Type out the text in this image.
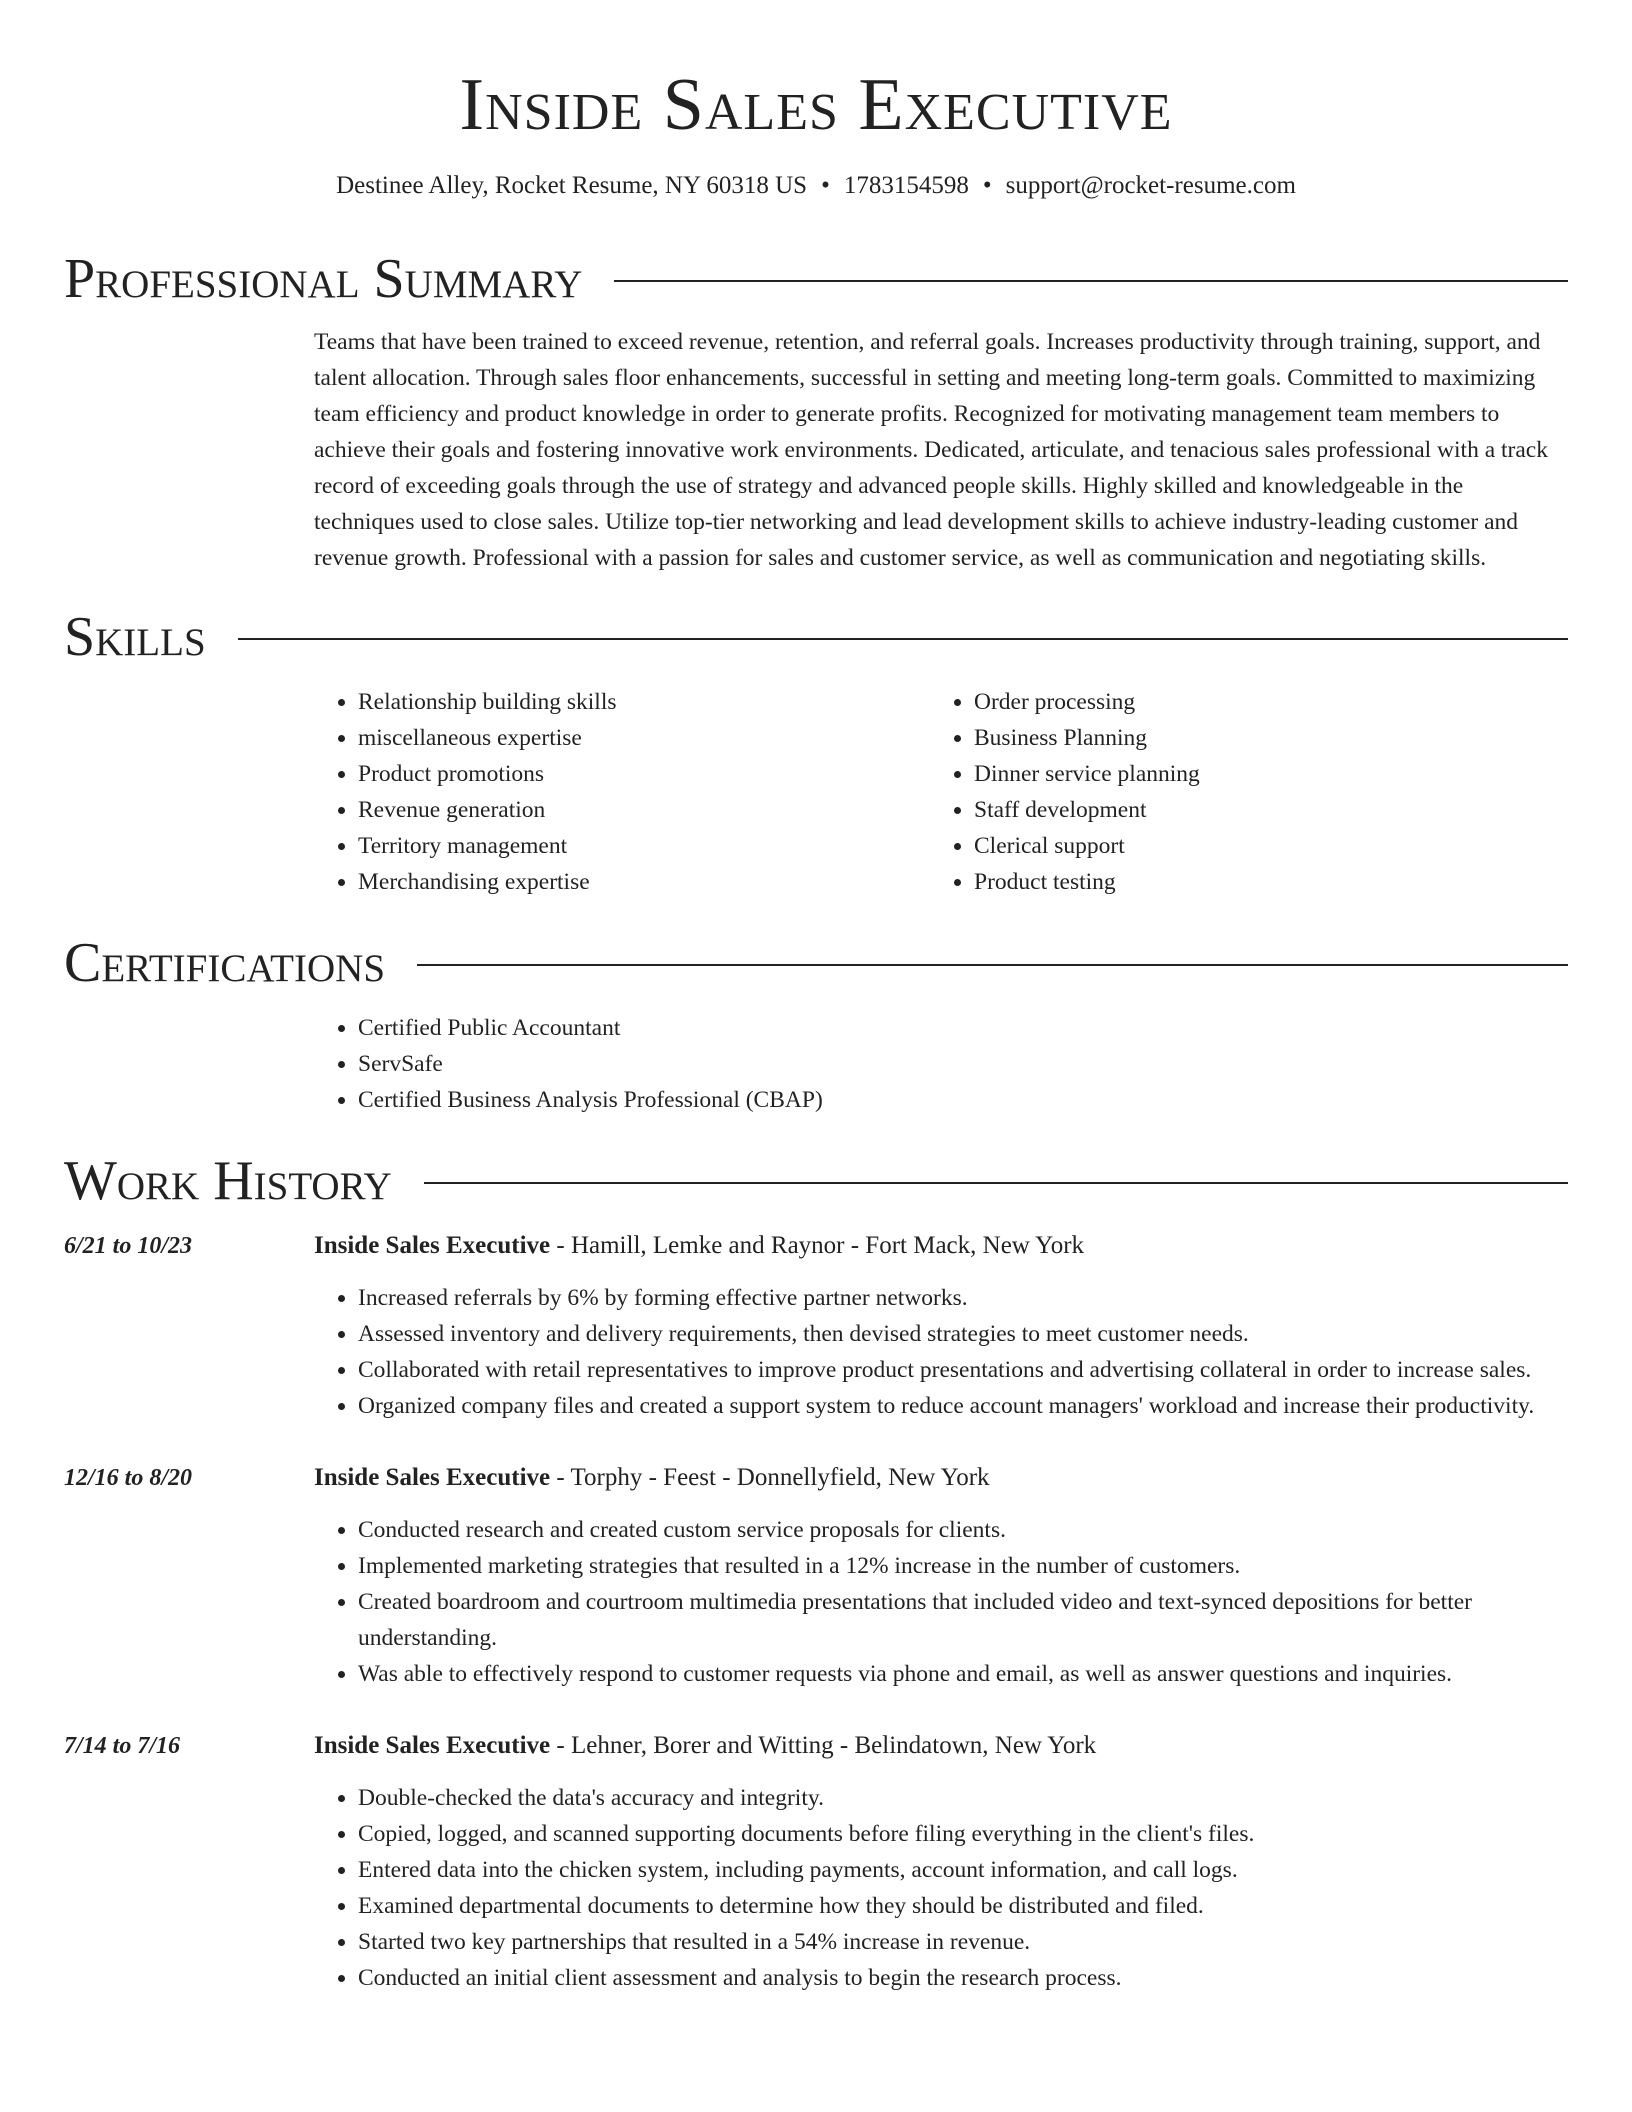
Inside Sales Executive
Destinee Alley, Rocket Resume, NY 60318 US • 1783154598 • support@rocket-resume.com
Professional Summary

Teams that have been trained to exceed revenue, retention, and referral goals. Increases productivity through training, support, and talent allocation. Through sales floor enhancements, successful in setting and meeting long-term goals. Committed to maximizing team efficiency and product knowledge in order to generate profits. Recognized for motivating management team members to achieve their goals and fostering innovative work environments. Dedicated, articulate, and tenacious sales professional with a track record of exceeding goals through the use of strategy and advanced people skills. Highly skilled and knowledgeable in the techniques used to close sales. Utilize top-tier networking and lead development skills to achieve industry-leading customer and revenue growth. Professional with a passion for sales and customer service, as well as communication and negotiating skills.

Skills
• Relationship building skills
• miscellaneous expertise
• Product promotions
• Revenue generation
• Territory management
• Merchandising expertise
• Order processing
• Business Planning
• Dinner service planning
• Staff development
• Clerical support
• Product testing
Certifications
• Certified Public Accountant
• ServSafe
• Certified Business Analysis Professional (CBAP)
Work History
6/21 to 10/23	Inside Sales Executive - Hamill, Lemke and Raynor - Fort Mack, New York
• Increased referrals by 6% by forming effective partner networks.
• Assessed inventory and delivery requirements, then devised strategies to meet customer needs.
• Collaborated with retail representatives to improve product presentations and advertising collateral in order to increase sales.
• Organized company files and created a support system to reduce account managers' workload and increase their productivity.
12/16 to 8/20	Inside Sales Executive - Torphy - Feest - Donnellyfield, New York
• Conducted research and created custom service proposals for clients.
• Implemented marketing strategies that resulted in a 12% increase in the number of customers.
• Created boardroom and courtroom multimedia presentations that included video and text-synced depositions for better understanding.
• Was able to effectively respond to customer requests via phone and email, as well as answer questions and inquiries.
7/14 to 7/16	Inside Sales Executive - Lehner, Borer and Witting - Belindatown, New York
• Double-checked the data's accuracy and integrity.
• Copied, logged, and scanned supporting documents before filing everything in the client's files.
• Entered data into the chicken system, including payments, account information, and call logs.
• Examined departmental documents to determine how they should be distributed and filed.
• Started two key partnerships that resulted in a 54% increase in revenue.
• Conducted an initial client assessment and analysis to begin the research process.
